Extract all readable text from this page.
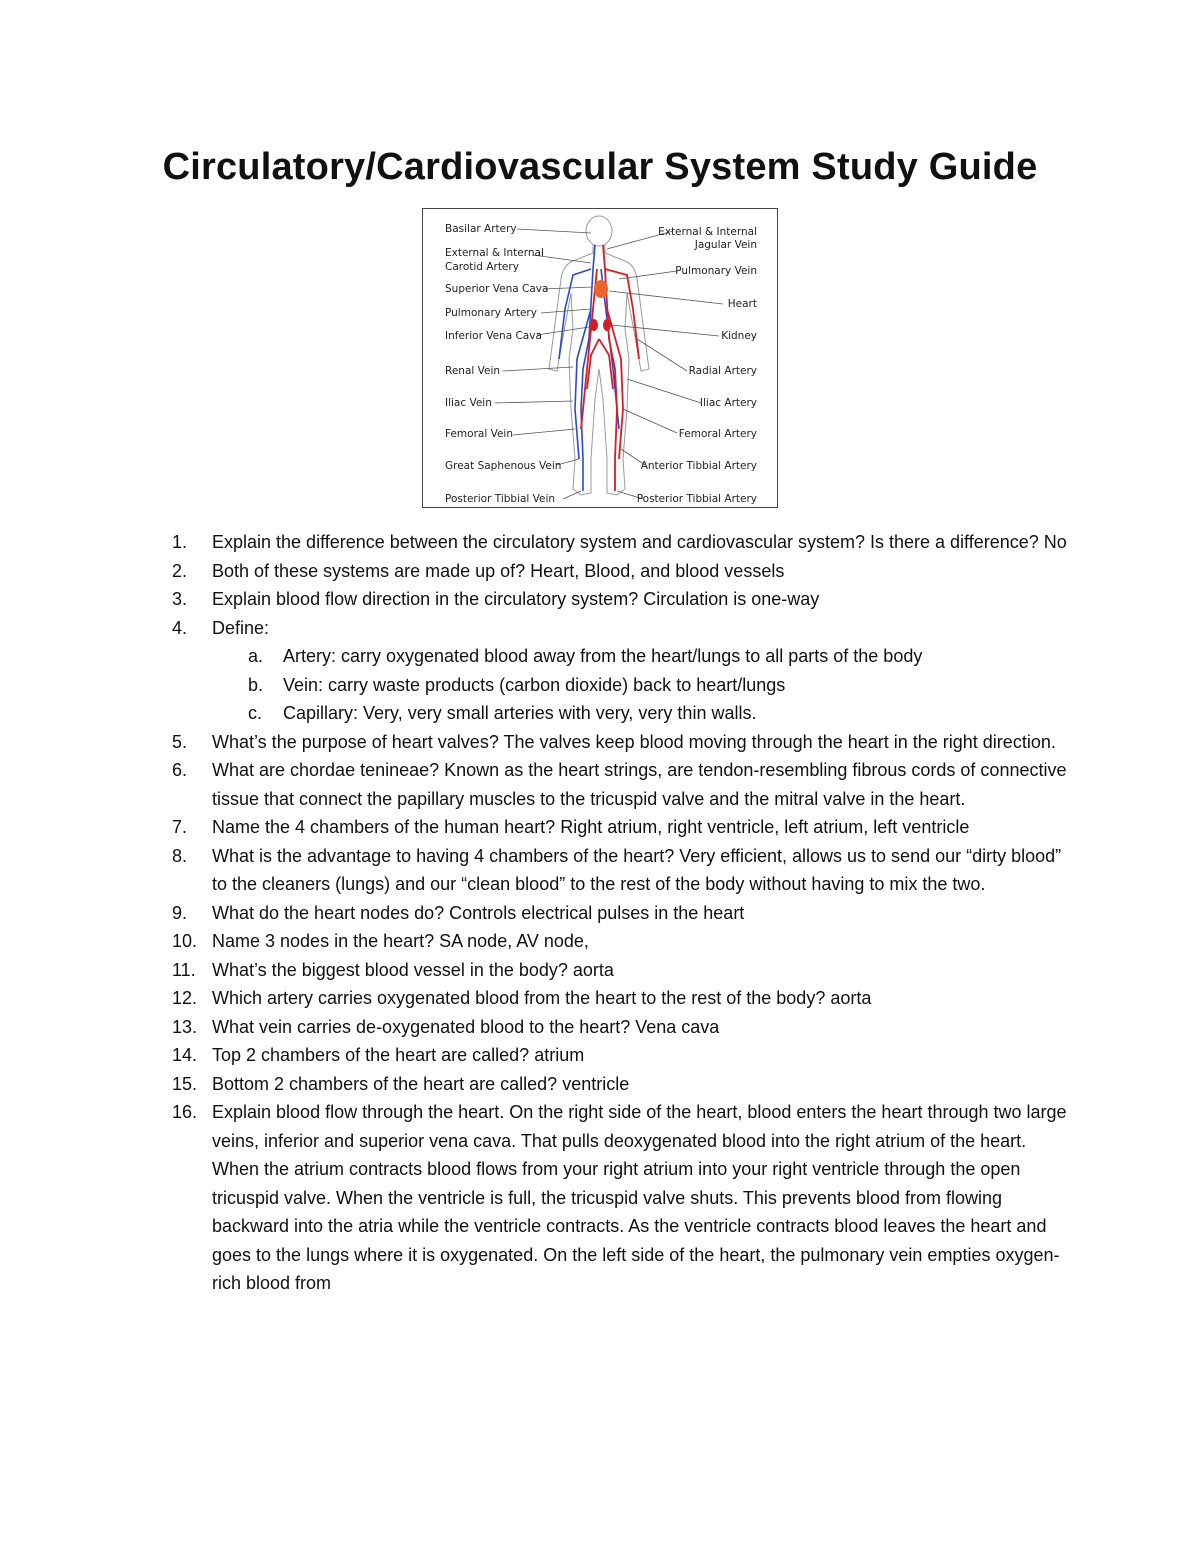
Circulatory/Cardiovascular System Study Guide
Basilar Artery
External & Internal
Carotid Artery
Superior Vena Cava
Pulmonary Artery
Inferior Vena Cava
Renal Vein
Iliac Vein
Femoral Vein
Great Saphenous Vein
Posterior Tibbial Vein
External & Internal
Jagular Vein
Pulmonary Vein
Heart
Kidney
Radial Artery
Iliac Artery
Femoral Artery
Anterior Tibbial Artery
Posterior Tibbial Artery
1. Explain the difference between the circulatory system and cardiovascular system? Is there a difference? No
2. Both of these systems are made up of? Heart, Blood, and blood vessels
3. Explain blood flow direction in the circulatory system? Circulation is one-way
4. Define:
a. Artery: carry oxygenated blood away from the heart/lungs to all parts of the body
b. Vein: carry waste products (carbon dioxide) back to heart/lungs
c. Capillary: Very, very small arteries with very, very thin walls.
5. What’s the purpose of heart valves? The valves keep blood moving through the heart in the right direction.
6. What are chordae tenineae? Known as the heart strings, are tendon-resembling fibrous cords of connective tissue that connect the papillary muscles to the tricuspid valve and the mitral valve in the heart.
7. Name the 4 chambers of the human heart? Right atrium, right ventricle, left atrium, left ventricle
8. What is the advantage to having 4 chambers of the heart? Very efficient, allows us to send our “dirty blood” to the cleaners (lungs) and our “clean blood” to the rest of the body without having to mix the two.
9. What do the heart nodes do? Controls electrical pulses in the heart
10. Name 3 nodes in the heart? SA node, AV node,
11. What’s the biggest blood vessel in the body? aorta
12. Which artery carries oxygenated blood from the heart to the rest of the body? aorta
13. What vein carries de-oxygenated blood to the heart? Vena cava
14. Top 2 chambers of the heart are called? atrium
15. Bottom 2 chambers of the heart are called? ventricle
16. Explain blood flow through the heart. On the right side of the heart, blood enters the heart through two large veins, inferior and superior vena cava. That pulls deoxygenated blood into the right atrium of the heart. When the atrium contracts blood flows from your right atrium into your right ventricle through the open tricuspid valve. When the ventricle is full, the tricuspid valve shuts. This prevents blood from flowing backward into the atria while the ventricle contracts. As the ventricle contracts blood leaves the heart and goes to the lungs where it is oxygenated. On the left side of the heart, the pulmonary vein empties oxygen-rich blood from
